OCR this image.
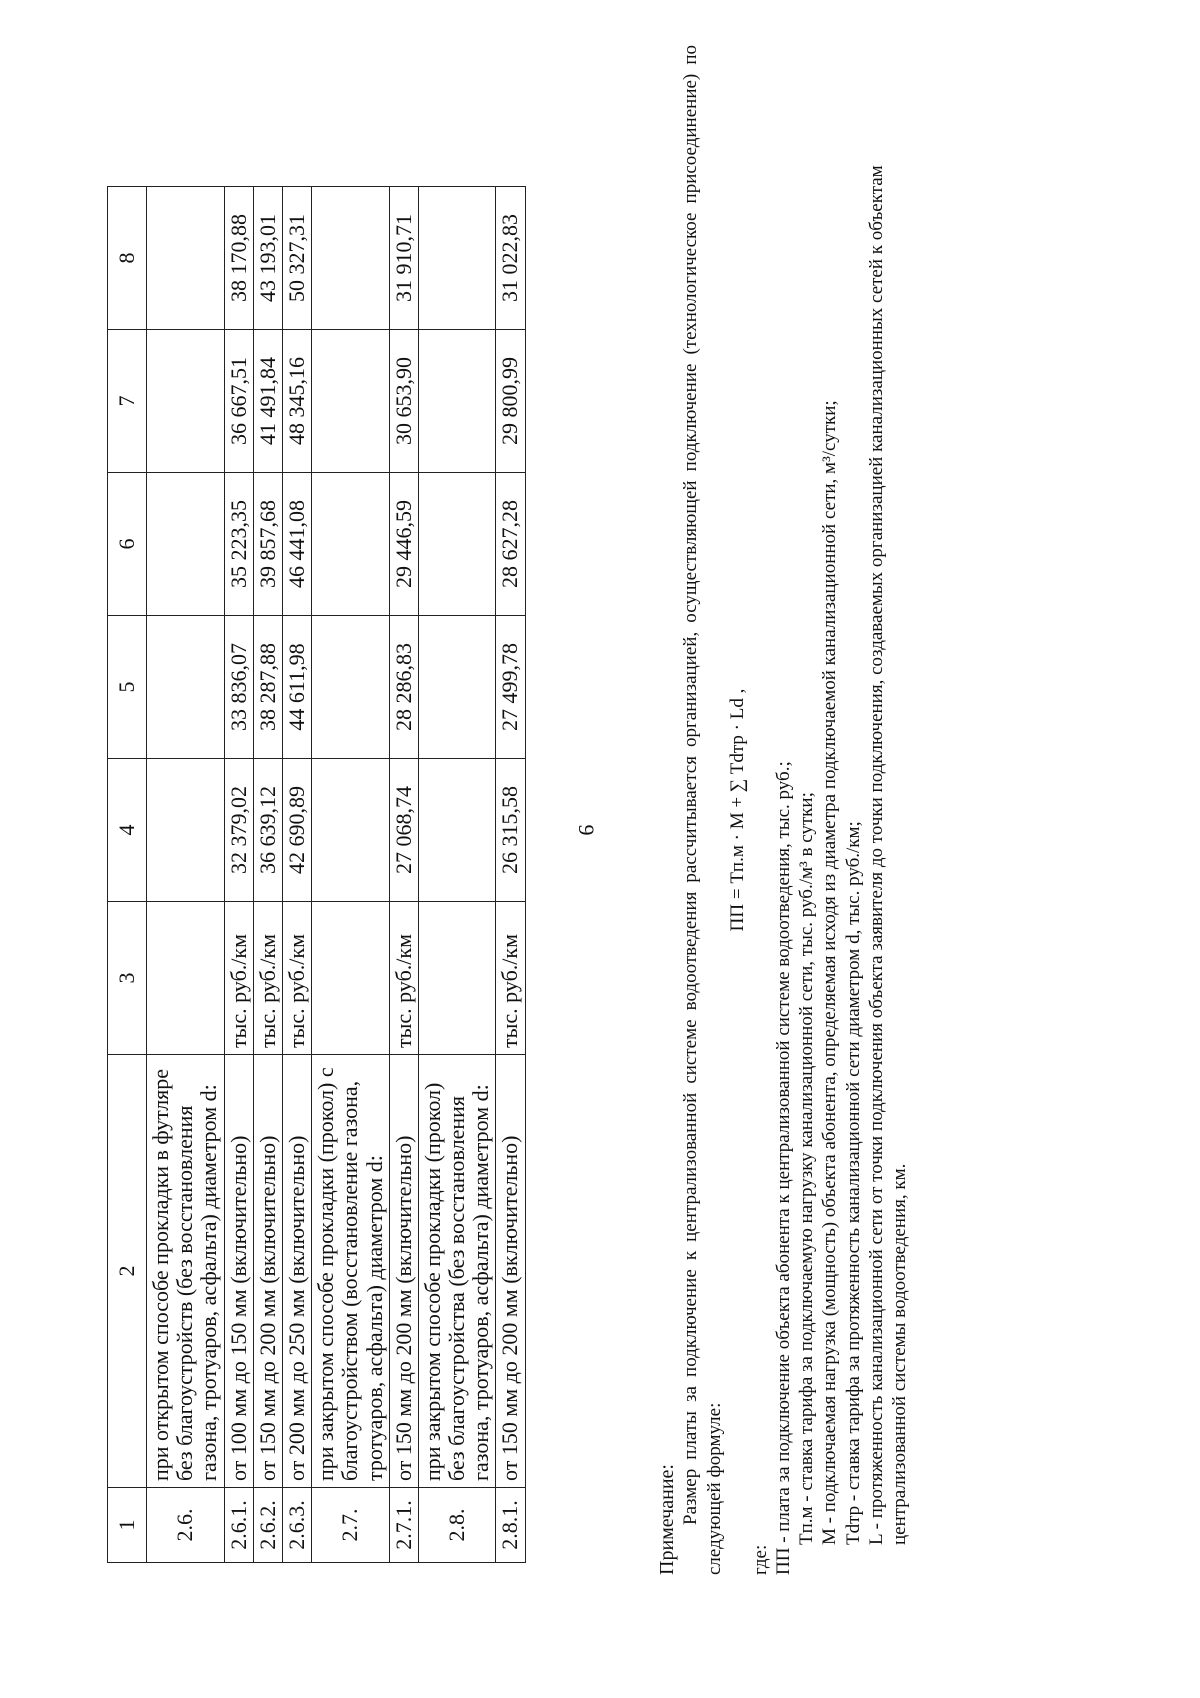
9
1	2	3	4	5	6	7	8
2.6.	при открытом способе прокладки в футляре без благоустройств (без восстановления газона, тротуаров, асфальта) диаметром d:						
2.6.1.	от 100 мм до 150 мм (включительно)	тыс. руб./км	32 379,02	33 836,07	35 223,35	36 667,51	38 170,88
2.6.2.	от 150 мм до 200 мм (включительно)	тыс. руб./км	36 639,12	38 287,88	39 857,68	41 491,84	43 193,01
2.6.3.	от 200 мм до 250 мм (включительно)	тыс. руб./км	42 690,89	44 611,98	46 441,08	48 345,16	50 327,31
2.7.	при закрытом способе прокладки (прокол) с благоустройством (восстановление газона, тротуаров, асфальта) диаметром d:						
2.7.1.	от 150 мм до 200 мм (включительно)	тыс. руб./км	27 068,74	28 286,83	29 446,59	30 653,90	31 910,71
2.8.	при закрытом способе прокладки (прокол) без благоустройства (без восстановления газона, тротуаров, асфальта) диаметром d:						
2.8.1.	от 150 мм до 200 мм (включительно)	тыс. руб./км	26 315,58	27 499,78	28 627,28	29 800,99	31 022,83

Примечание: Размер платы за подключение к централизованной системе водоотведения рассчитывается организацией, осуществляющей подключение (технологическое присоединение) по следующей формуле:

ПП = Tп.м · M + ∑ Tdтр · Ld ,

где: ПП - плата за подключение объекта абонента к централизованной системе водоотведения, тыс. руб.; Tп.м - ставка тарифа за подключаемую нагрузку канализационной сети, тыс. руб./м³ в сутки; M - подключаемая нагрузка (мощность) объекта абонента, определяемая исходя из диаметра подключаемой канализационной сети, м³/сутки; Tdтр - ставка тарифа за протяженность канализационной сети диаметром d, тыс. руб./км; L - протяженность канализационной сети от точки подключения объекта заявителя до точки подключения, создаваемых организацией канализационных сетей к объектам централизованной системы водоотведения, км.
